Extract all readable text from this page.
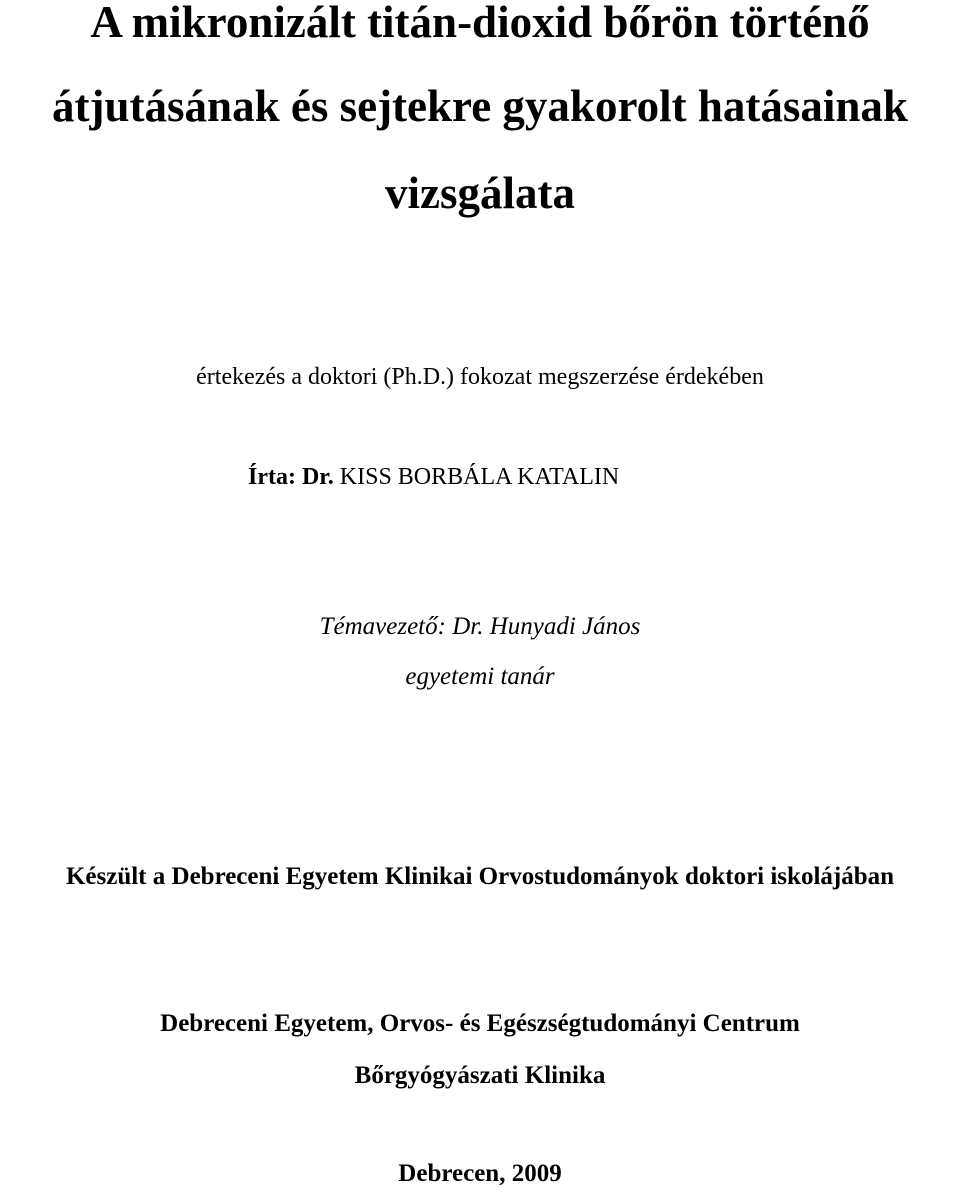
A mikronizált titán-dioxid bőrön történő
átjutásának és sejtekre gyakorolt hatásainak
vizsgálata
értekezés a doktori (Ph.D.) fokozat megszerzése érdekében
Írta: Dr. KISS BORBÁLA KATALIN
Témavezető: Dr. Hunyadi János
egyetemi tanár
Készült a Debreceni Egyetem Klinikai Orvostudományok doktori iskolájában
Debreceni Egyetem, Orvos- és Egészségtudományi Centrum
Bőrgyógyászati Klinika
Debrecen, 2009
